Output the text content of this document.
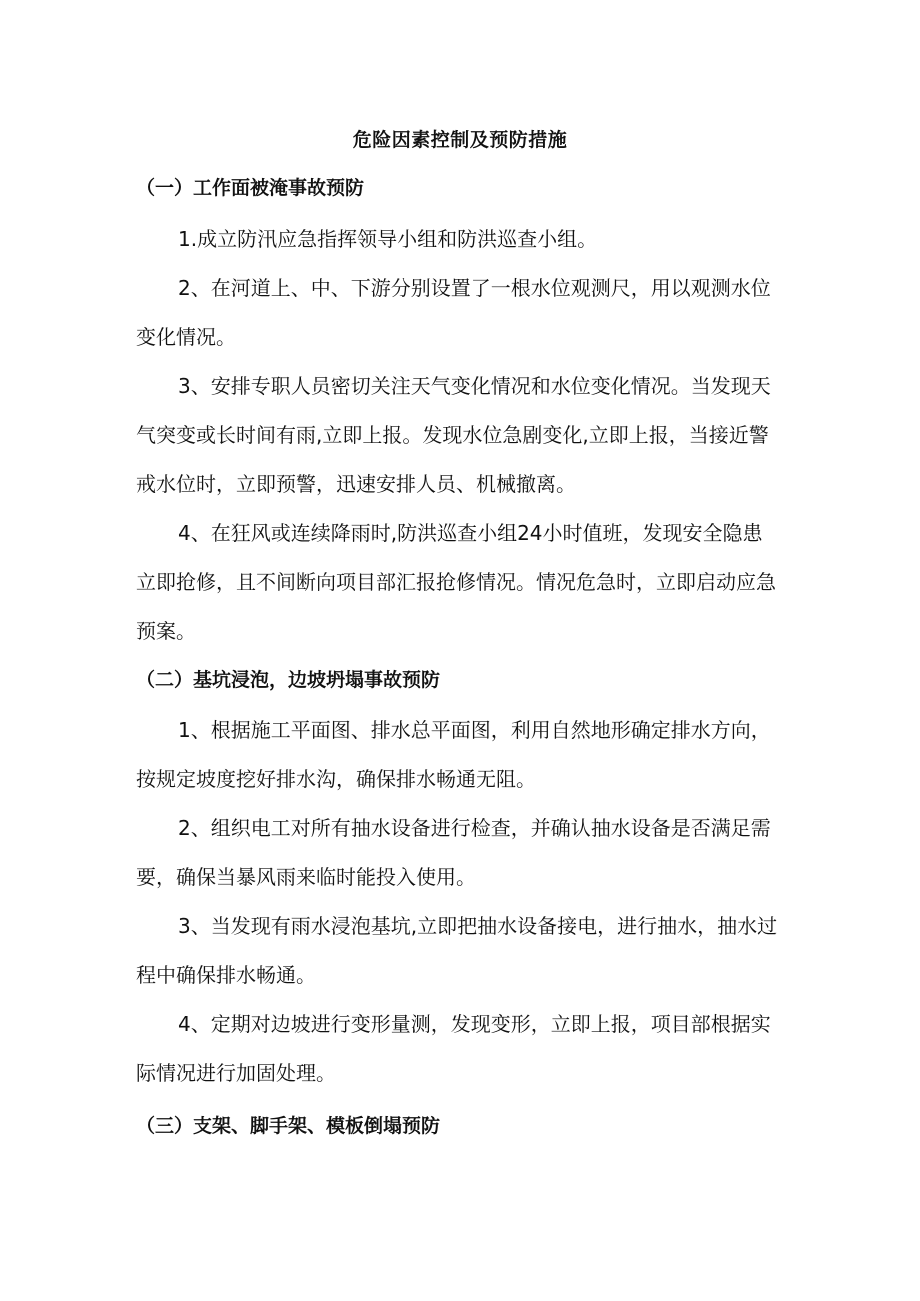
危险因素控制及预防措施
（一）工作面被淹事故预防

1.成立防汛应急指挥领导小组和防洪巡查小组。

2、在河道上、中、下游分别设置了一根水位观测尺，用以观测水位变化情况。

3、安排专职人员密切关注天气变化情况和水位变化情况。当发现天气突变或长时间有雨,立即上报。发现水位急剧变化,立即上报，当接近警戒水位时，立即预警，迅速安排人员、机械撤离。

4、在狂风或连续降雨时,防洪巡查小组24小时值班，发现安全隐患立即抢修，且不间断向项目部汇报抢修情况。情况危急时，立即启动应急预案。

（二）基坑浸泡，边坡坍塌事故预防

1、根据施工平面图、排水总平面图，利用自然地形确定排水方向，按规定坡度挖好排水沟，确保排水畅通无阻。

2、组织电工对所有抽水设备进行检查，并确认抽水设备是否满足需要，确保当暴风雨来临时能投入使用。

3、当发现有雨水浸泡基坑,立即把抽水设备接电，进行抽水，抽水过程中确保排水畅通。

4、定期对边坡进行变形量测，发现变形，立即上报，项目部根据实际情况进行加固处理。

（三）支架、脚手架、模板倒塌预防
